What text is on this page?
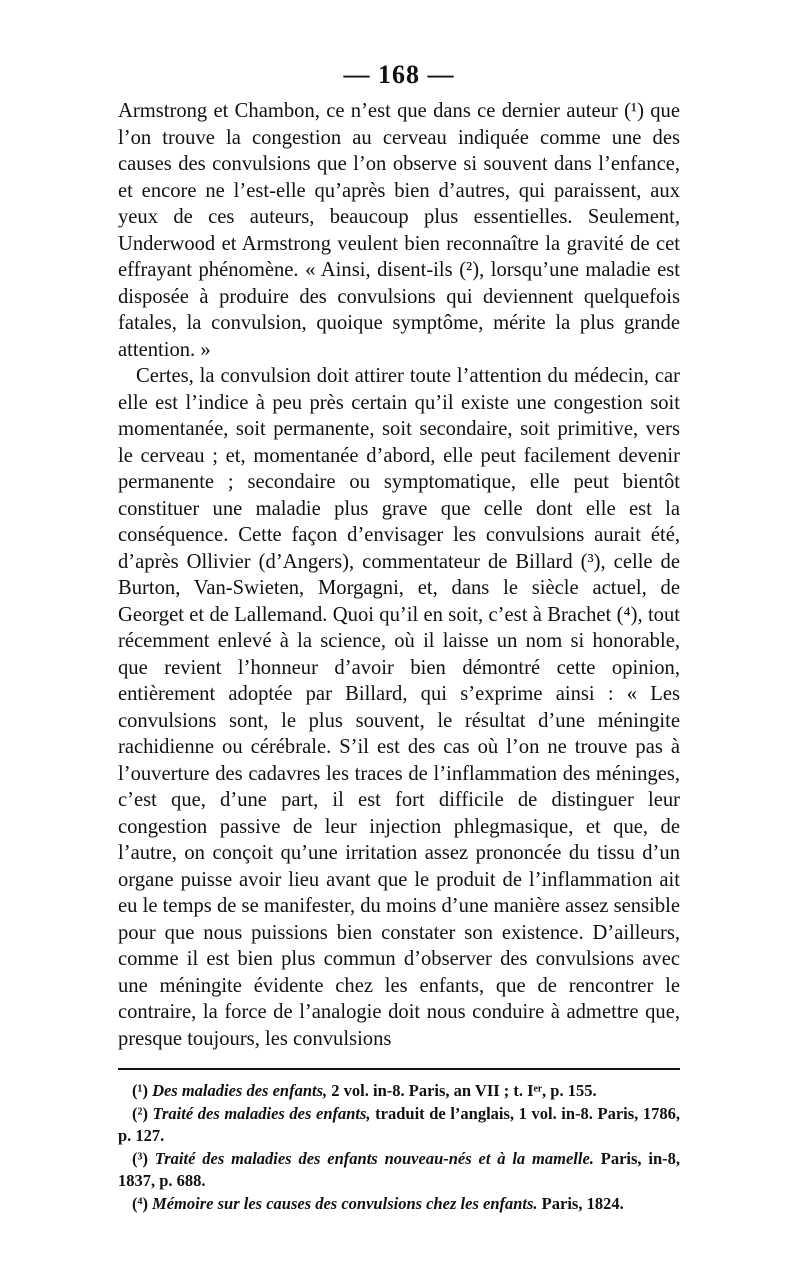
— 168 —

Armstrong et Chambon, ce n’est que dans ce dernier auteur (¹) que l’on trouve la congestion au cerveau indiquée comme une des causes des convulsions que l’on observe si souvent dans l’enfance, et encore ne l’est-elle qu’après bien d’autres, qui paraissent, aux yeux de ces auteurs, beaucoup plus essentielles. Seulement, Underwood et Armstrong veulent bien reconnaître la gravité de cet effrayant phénomène. « Ainsi, disent-ils (²), lorsqu’une maladie est disposée à produire des convulsions qui deviennent quelquefois fatales, la convulsion, quoique symptôme, mérite la plus grande attention. »

Certes, la convulsion doit attirer toute l’attention du médecin, car elle est l’indice à peu près certain qu’il existe une congestion soit momentanée, soit permanente, soit secondaire, soit primitive, vers le cerveau ; et, momentanée d’abord, elle peut facilement devenir permanente ; secondaire ou symptomatique, elle peut bientôt constituer une maladie plus grave que celle dont elle est la conséquence. Cette façon d’envisager les convulsions aurait été, d’après Ollivier (d’Angers), commentateur de Billard (³), celle de Burton, Van-Swieten, Morgagni, et, dans le siècle actuel, de Georget et de Lallemand. Quoi qu’il en soit, c’est à Brachet (⁴), tout récemment enlevé à la science, où il laisse un nom si honorable, que revient l’honneur d’avoir bien démontré cette opinion, entièrement adoptée par Billard, qui s’exprime ainsi : « Les convulsions sont, le plus souvent, le résultat d’une méningite rachidienne ou cérébrale. S’il est des cas où l’on ne trouve pas à l’ouverture des cadavres les traces de l’inflammation des méninges, c’est que, d’une part, il est fort difficile de distinguer leur congestion passive de leur injection phlegmasique, et que, de l’autre, on conçoit qu’une irritation assez prononcée du tissu d’un organe puisse avoir lieu avant que le produit de l’inflammation ait eu le temps de se manifester, du moins d’une manière assez sensible pour que nous puissions bien constater son existence. D’ailleurs, comme il est bien plus commun d’observer des convulsions avec une méningite évidente chez les enfants, que de rencontrer le contraire, la force de l’analogie doit nous conduire à admettre que, presque toujours, les convulsions

(¹) Des maladies des enfants, 2 vol. in-8. Paris, an VII ; t. Iᵉʳ, p. 155.

(²) Traité des maladies des enfants, traduit de l’anglais, 1 vol. in-8. Paris, 1786, p. 127.

(³) Traité des maladies des enfants nouveau-nés et à la mamelle. Paris, in-8, 1837, p. 688.

(⁴) Mémoire sur les causes des convulsions chez les enfants. Paris, 1824.
